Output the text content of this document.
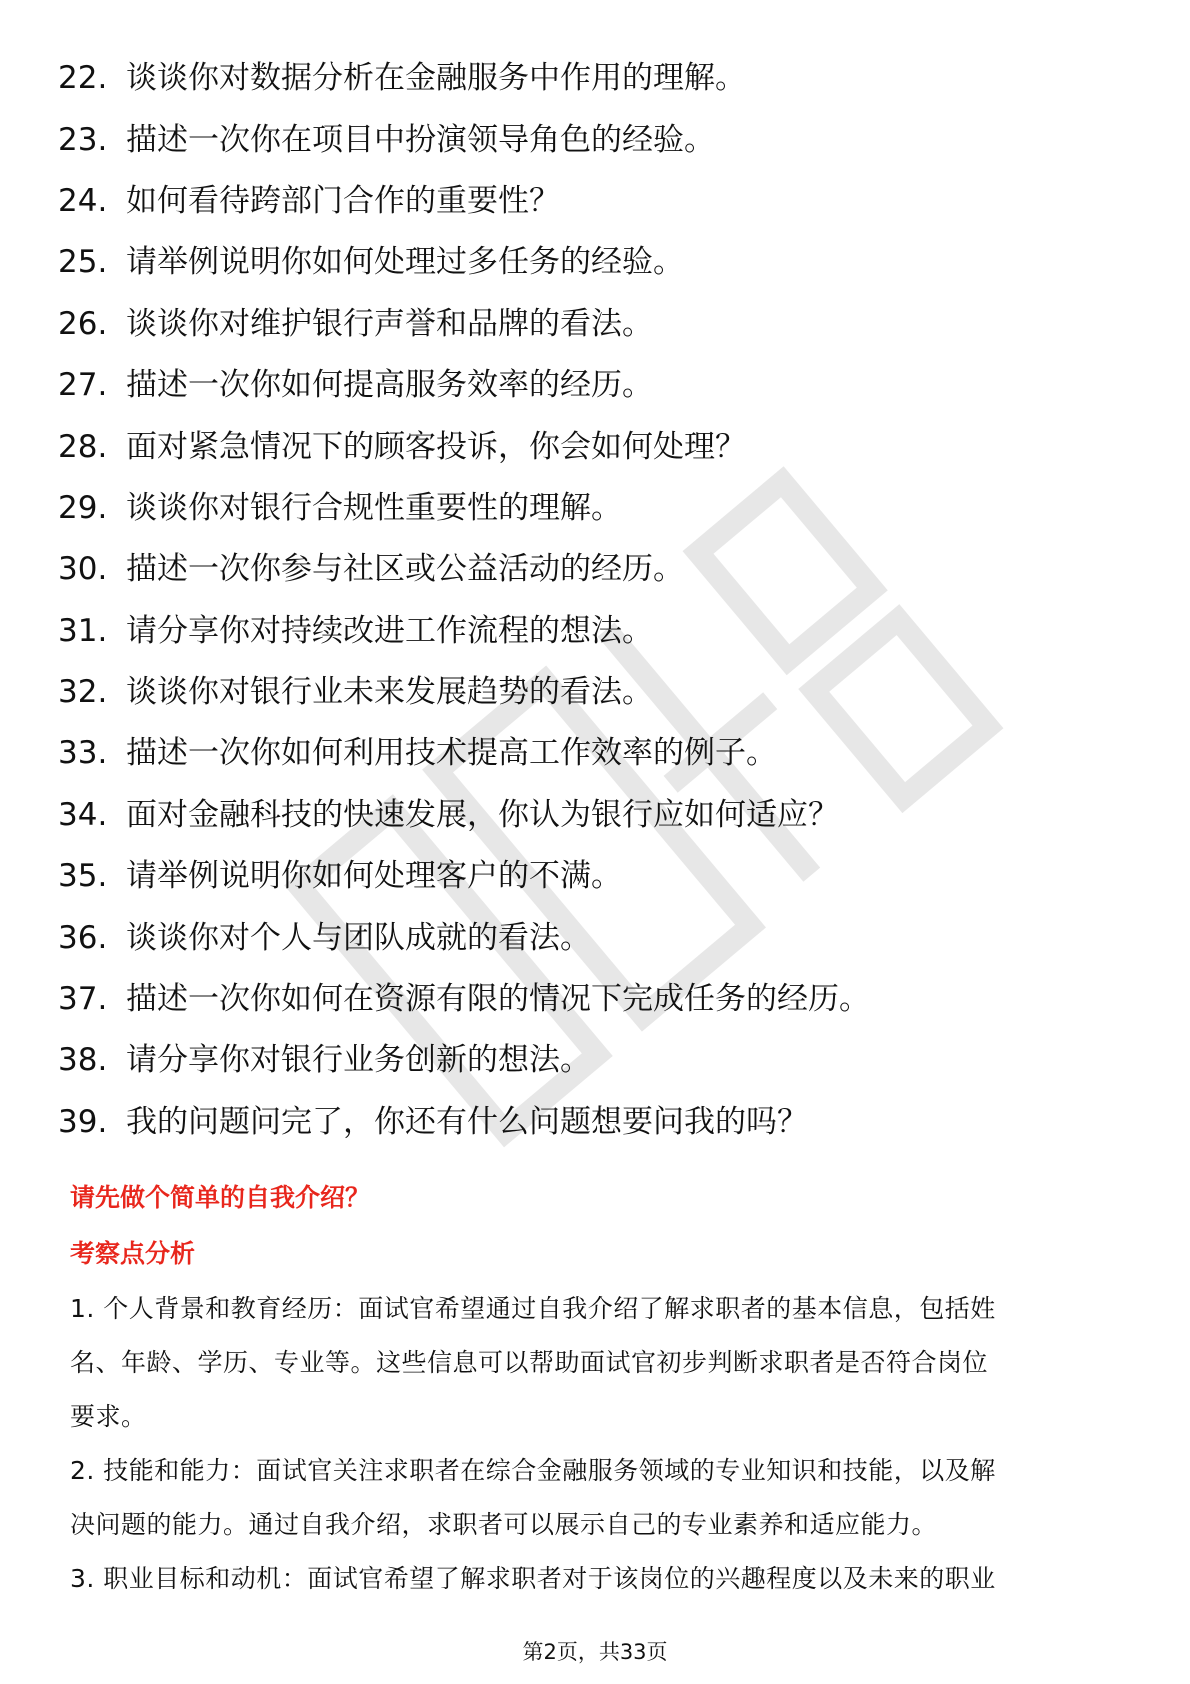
22. 谈谈你对数据分析在金融服务中作用的理解。
23. 描述一次你在项目中扮演领导角色的经验。
24. 如何看待跨部门合作的重要性？
25. 请举例说明你如何处理过多任务的经验。
26. 谈谈你对维护银行声誉和品牌的看法。
27. 描述一次你如何提高服务效率的经历。
28. 面对紧急情况下的顾客投诉，你会如何处理？
29. 谈谈你对银行合规性重要性的理解。
30. 描述一次你参与社区或公益活动的经历。
31. 请分享你对持续改进工作流程的想法。
32. 谈谈你对银行业未来发展趋势的看法。
33. 描述一次你如何利用技术提高工作效率的例子。
34. 面对金融科技的快速发展，你认为银行应如何适应？
35. 请举例说明你如何处理客户的不满。
36. 谈谈你对个人与团队成就的看法。
37. 描述一次你如何在资源有限的情况下完成任务的经历。
38. 请分享你对银行业务创新的想法。
39. 我的问题问完了，你还有什么问题想要问我的吗？
请先做个简单的自我介绍？
考察点分析

1. 个人背景和教育经历：面试官希望通过自我介绍了解求职者的基本信息，包括姓

名、年龄、学历、专业等。这些信息可以帮助面试官初步判断求职者是否符合岗位

要求。

2. 技能和能力：面试官关注求职者在综合金融服务领域的专业知识和技能，以及解

决问题的能力。通过自我介绍，求职者可以展示自己的专业素养和适应能力。

3. 职业目标和动机：面试官希望了解求职者对于该岗位的兴趣程度以及未来的职业

第2页，共33页
